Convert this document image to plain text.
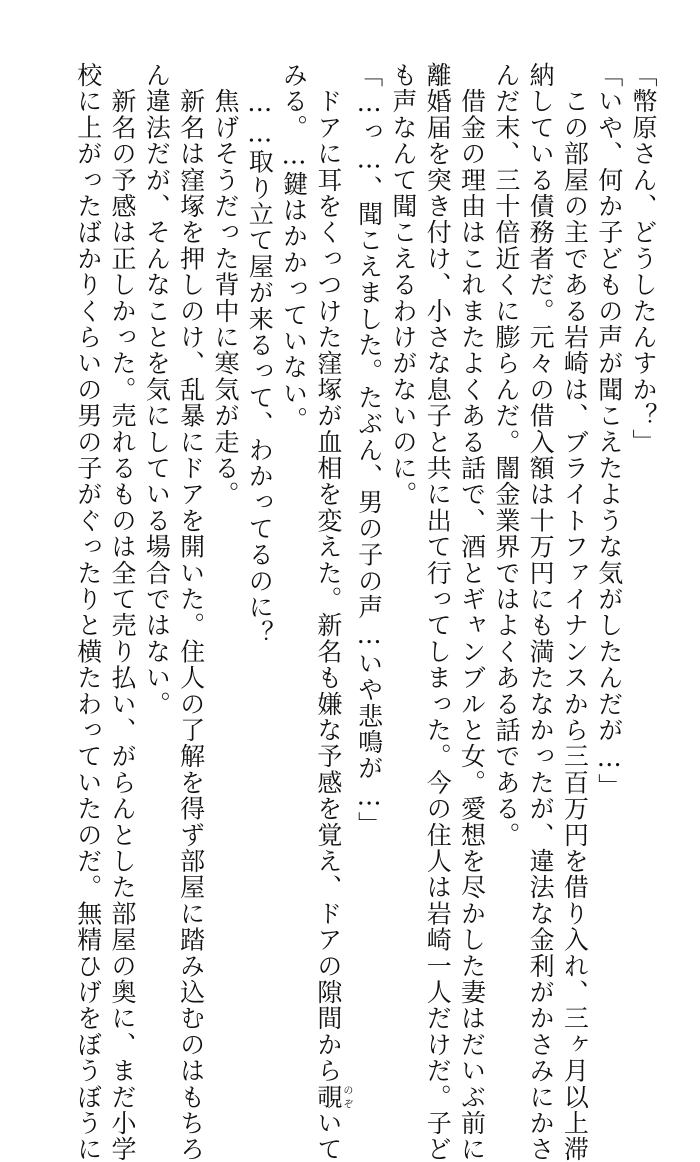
「幣原さん、どうしたんすか？」
「いや、何か子どもの声が聞こえたような気がしたんだが…」
　この部屋の主である岩崎は、ブライトファイナンスから三百万円を借り入れ、三ヶ月以上滞
納している債務者だ。元々の借入額は十万円にも満たなかったが、違法な金利がかさみにかさ
んだ末、三十倍近くに膨らんだ。闇金業界ではよくある話である。
　借金の理由はこれまたよくある話で、酒とギャンブルと女。愛想を尽かした妻はだいぶ前に
離婚届を突き付け、小さな息子と共に出て行ってしまった。今の住人は岩崎一人だけだ。子ど
も声なんて聞こえるわけがないのに。
「…っ…、聞こえました。たぶん、男の子の声…いや悲鳴が…」
　ドアに耳をくっつけた窪塚が血相を変えた。新名も嫌な予感を覚え、ドアの隙間から覗のぞいて
みる。…鍵はかかっていない。
　……取り立て屋が来るって、わかってるのに？
　焦げそうだった背中に寒気が走る。
　新名は窪塚を押しのけ、乱暴にドアを開いた。住人の了解を得ず部屋に踏み込むのはもちろ
ん違法だが、そんなことを気にしている場合ではない。
　新名の予感は正しかった。売れるものは全て売り払い、がらんとした部屋の奥に、まだ小学
校に上がったばかりくらいの男の子がぐったりと横たわっていたのだ。無精ひげをぼうぼうに
